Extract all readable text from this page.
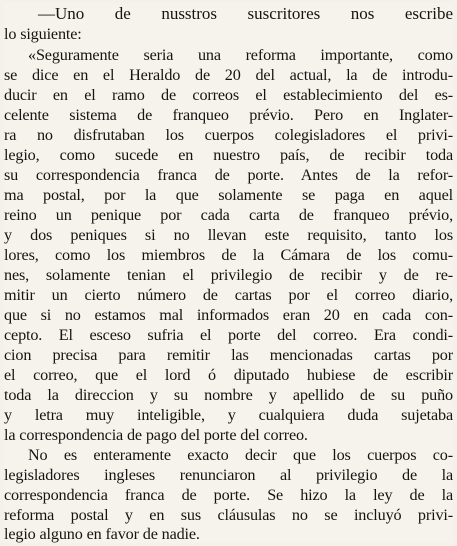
—Uno de nusstros suscritores nos escribe
lo siguiente:
«Seguramente seria una reforma importante, como
se dice en el Heraldo de 20 del actual, la de introdu-
ducir en el ramo de correos el establecimiento del es-
celente sistema de franqueo prévio. Pero en Inglater-
ra no disfrutaban los cuerpos colegisladores el privi-
legio, como sucede en nuestro país, de recibir toda
su correspondencia franca de porte. Antes de la refor-
ma postal, por la que solamente se paga en aquel
reino un penique por cada carta de franqueo prévio,
y dos peniques si no llevan este requisito, tanto los
lores, como los miembros de la Cámara de los comu-
nes, solamente tenian el privilegio de recibir y de re-
mitir un cierto número de cartas por el correo diario,
que si no estamos mal informados eran 20 en cada con-
cepto. El esceso sufria el porte del correo. Era condi-
cion precisa para remitir las mencionadas cartas por
el correo, que el lord ó diputado hubiese de escribir
toda la direccion y su nombre y apellido de su puño
y letra muy inteligible, y cualquiera duda sujetaba
la correspondencia de pago del porte del correo.
No es enteramente exacto decir que los cuerpos co-
legisladores ingleses renunciaron al privilegio de la
correspondencia franca de porte. Se hizo la ley de la
reforma postal y en sus cláusulas no se incluyó privi-
legio alguno en favor de nadie.
